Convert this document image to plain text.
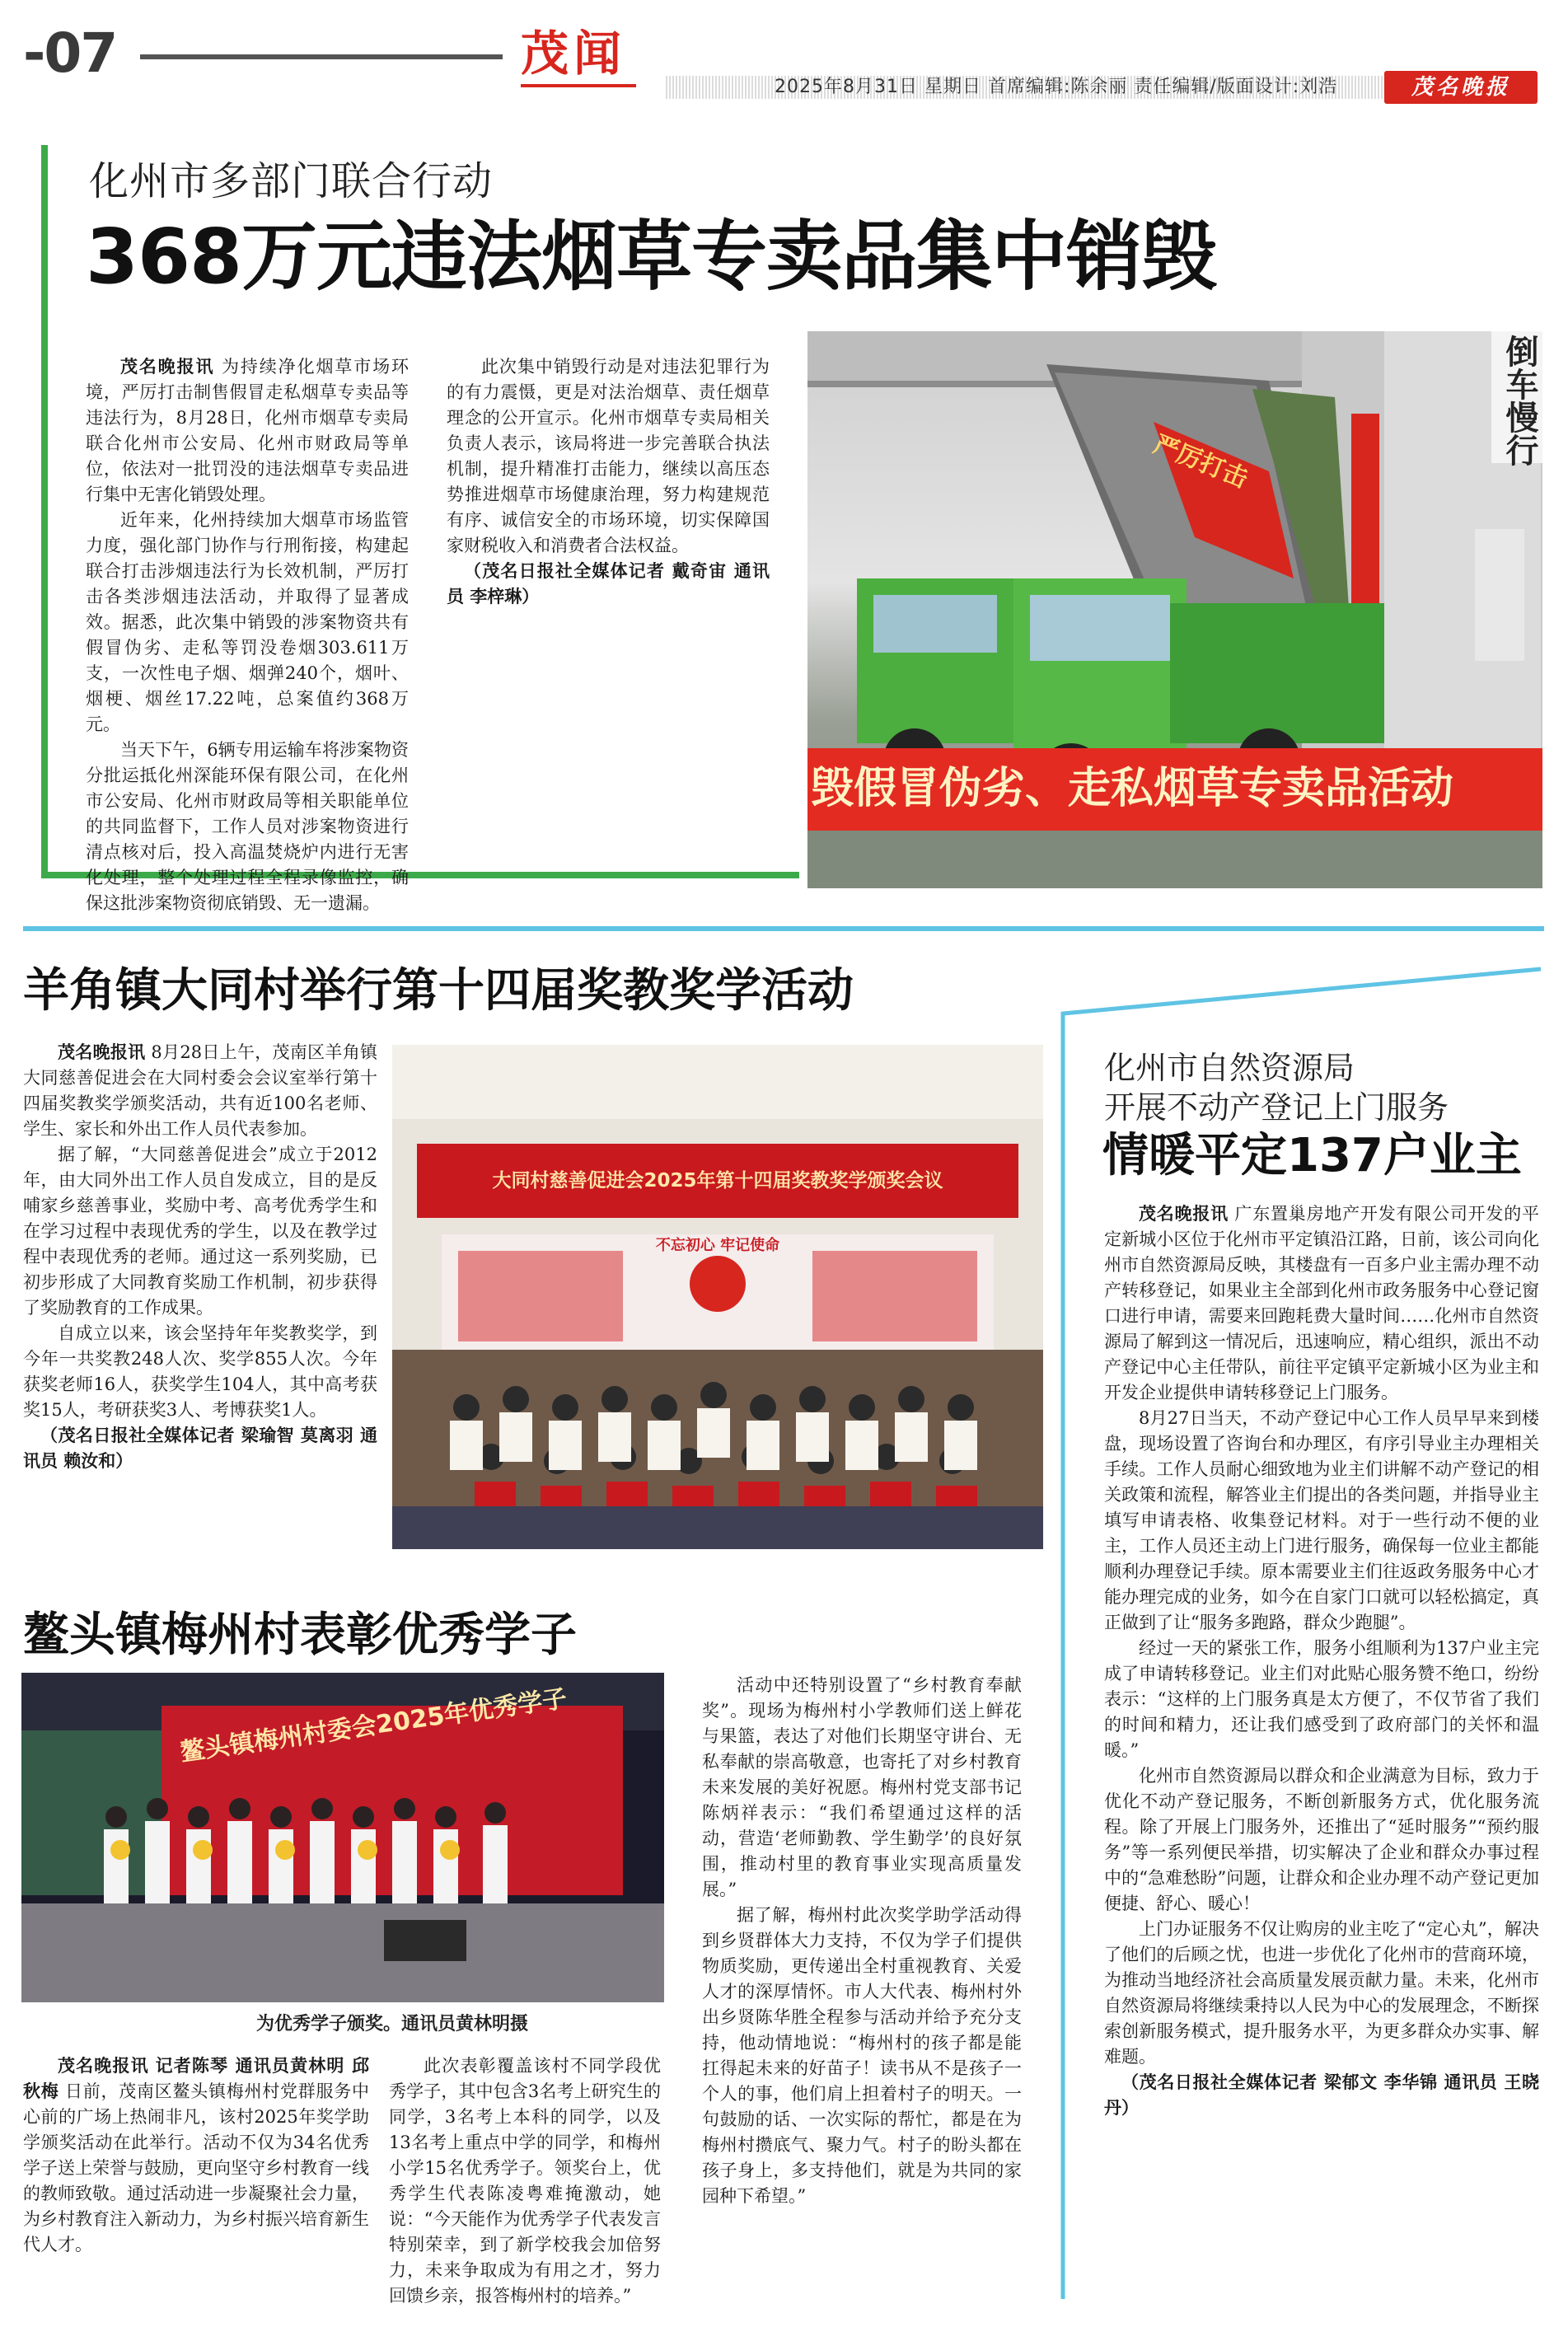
-07	茂闻
2025年8月31日 星期日 首席编辑:陈余丽 责任编辑/版面设计:刘浩	茂名晚报
化州市多部门联合行动
368万元违法烟草专卖品集中销毁

茂名晚报讯 为持续净化烟草市场环境，严厉打击制售假冒走私烟草专卖品等违法行为，8月28日，化州市烟草专卖局联合化州市公安局、化州市财政局等单位，依法对一批罚没的违法烟草专卖品进行集中无害化销毁处理。

近年来，化州持续加大烟草市场监管力度，强化部门协作与行刑衔接，构建起联合打击涉烟违法行为长效机制，严厉打击各类涉烟违法活动，并取得了显著成效。据悉，此次集中销毁的涉案物资共有假冒伪劣、走私等罚没卷烟303.611万支，一次性电子烟、烟弹240个，烟叶、烟梗、烟丝17.22吨，总案值约368万元。

当天下午，6辆专用运输车将涉案物资分批运抵化州深能环保有限公司，在化州市公安局、化州市财政局等相关职能单位的共同监督下，工作人员对涉案物资进行清点核对后，投入高温焚烧炉内进行无害化处理，整个处理过程全程录像监控，确保这批涉案物资彻底销毁、无一遗漏。

此次集中销毁行动是对违法犯罪行为的有力震慑，更是对法治烟草、责任烟草理念的公开宣示。化州市烟草专卖局相关负责人表示，该局将进一步完善联合执法机制，提升精准打击能力，继续以高压态势推进烟草市场健康治理，努力构建规范有序、诚信安全的市场环境，切实保障国家财税收入和消费者合法权益。

（茂名日报社全媒体记者 戴奇宙 通讯员 李梓琳）
倒车慢行
严厉打击
毁假冒伪劣、走私烟草专卖品活动
羊角镇大同村举行第十四届奖教奖学活动

茂名晚报讯 8月28日上午，茂南区羊角镇大同慈善促进会在大同村委会会议室举行第十四届奖教奖学颁奖活动，共有近100名老师、学生、家长和外出工作人员代表参加。

据了解，“大同慈善促进会”成立于2012年，由大同外出工作人员自发成立，目的是反哺家乡慈善事业，奖励中考、高考优秀学生和在学习过程中表现优秀的学生，以及在教学过程中表现优秀的老师。通过这一系列奖励，已初步形成了大同教育奖励工作机制，初步获得了奖励教育的工作成果。

自成立以来，该会坚持年年奖教奖学，到今年一共奖教248人次、奖学855人次。今年获奖老师16人，获奖学生104人，其中高考获奖15人，考研获奖3人、考博获奖1人。

（茂名日报社全媒体记者 梁瑜智 莫离羽 通讯员 赖汝和）
大同村慈善促进会2025年第十四届奖教奖学颁奖会议
不忘初心 牢记使命
鳌头镇梅州村表彰优秀学子
鳌头镇梅州村委会2025年优秀学子
为优秀学子颁奖。通讯员黄林明摄

茂名晚报讯 记者陈琴 通讯员黄林明 邱秋梅 日前，茂南区鳌头镇梅州村党群服务中心前的广场上热闹非凡，该村2025年奖学助学颁奖活动在此举行。活动不仅为34名优秀学子送上荣誉与鼓励，更向坚守乡村教育一线的教师致敬。通过活动进一步凝聚社会力量，为乡村教育注入新动力，为乡村振兴培育新生代人才。

此次表彰覆盖该村不同学段优秀学子，其中包含3名考上研究生的同学，3名考上本科的同学，以及13名考上重点中学的同学，和梅州小学15名优秀学子。领奖台上，优秀学生代表陈凌粤难掩激动，她说：“今天能作为优秀学子代表发言特别荣幸，到了新学校我会加倍努力，未来争取成为有用之才，努力回馈乡亲，报答梅州村的培养。”

活动中还特别设置了“乡村教育奉献奖”。现场为梅州村小学教师们送上鲜花与果篮，表达了对他们长期坚守讲台、无私奉献的崇高敬意，也寄托了对乡村教育未来发展的美好祝愿。梅州村党支部书记陈炳祥表示：“我们希望通过这样的活动，营造‘老师勤教、学生勤学’的良好氛围，推动村里的教育事业实现高质量发展。”

据了解，梅州村此次奖学助学活动得到乡贤群体大力支持，不仅为学子们提供物质奖励，更传递出全村重视教育、关爱人才的深厚情怀。市人大代表、梅州村外出乡贤陈华胜全程参与活动并给予充分支持，他动情地说：“梅州村的孩子都是能扛得起未来的好苗子！读书从不是孩子一个人的事，他们肩上担着村子的明天。一句鼓励的话、一次实际的帮忙，都是在为梅州村攒底气、聚力气。村子的盼头都在孩子身上，多支持他们，就是为共同的家园种下希望。”

化州市自然资源局
开展不动产登记上门服务
情暖平定137户业主

茂名晚报讯 广东置巢房地产开发有限公司开发的平定新城小区位于化州市平定镇沿江路，日前，该公司向化州市自然资源局反映，其楼盘有一百多户业主需办理不动产转移登记，如果业主全部到化州市政务服务中心登记窗口进行申请，需要来回跑耗费大量时间……化州市自然资源局了解到这一情况后，迅速响应，精心组织，派出不动产登记中心主任带队，前往平定镇平定新城小区为业主和开发企业提供申请转移登记上门服务。

8月27日当天，不动产登记中心工作人员早早来到楼盘，现场设置了咨询台和办理区，有序引导业主办理相关手续。工作人员耐心细致地为业主们讲解不动产登记的相关政策和流程，解答业主们提出的各类问题，并指导业主填写申请表格、收集登记材料。对于一些行动不便的业主，工作人员还主动上门进行服务，确保每一位业主都能顺利办理登记手续。原本需要业主们往返政务服务中心才能办理完成的业务，如今在自家门口就可以轻松搞定，真正做到了让“服务多跑路，群众少跑腿”。

经过一天的紧张工作，服务小组顺利为137户业主完成了申请转移登记。业主们对此贴心服务赞不绝口，纷纷表示：“这样的上门服务真是太方便了，不仅节省了我们的时间和精力，还让我们感受到了政府部门的关怀和温暖。”

化州市自然资源局以群众和企业满意为目标，致力于优化不动产登记服务，不断创新服务方式，优化服务流程。除了开展上门服务外，还推出了“延时服务”“预约服务”等一系列便民举措，切实解决了企业和群众办事过程中的“急难愁盼”问题，让群众和企业办理不动产登记更加便捷、舒心、暖心！

上门办证服务不仅让购房的业主吃了“定心丸”，解决了他们的后顾之忧，也进一步优化了化州市的营商环境，为推动当地经济社会高质量发展贡献力量。未来，化州市自然资源局将继续秉持以人民为中心的发展理念，不断探索创新服务模式，提升服务水平，为更多群众办实事、解难题。

（茂名日报社全媒体记者 梁郁文 李华锦 通讯员 王晓丹）
